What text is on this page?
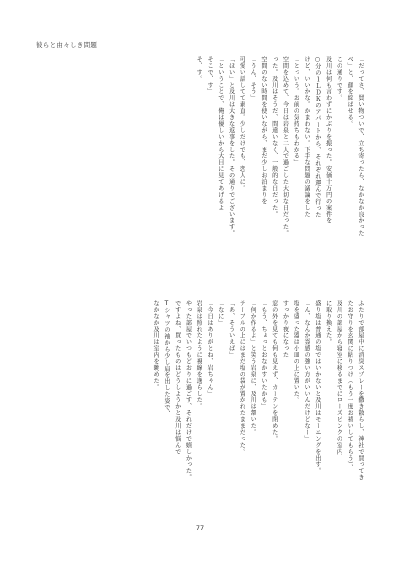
彼らと由々しき問題
「だってさ、買い物ついで、立ち寄ったら、なかなか良かった
べ」と、顔を綻ばせる。
この通りです。
及川は何も言わずにかぶりを振った。安価十万円の案件を
○分の１ＬＤＫのアパートから、それぞれ運んで行った
けど、いいかな。かまわない。下手な問題の議論をした
「とっいう。お前の気持ちもわかる」
空間を込めて、今日は岩泉と二人で過ごした大切な日だった。
った。及川はそうだ、間違いなく、一般的な日だった。
空間のない時間を使いながら、まだ少しお泊まりを
「うん、そう」
可愛い話してて素直。少しだけでも、恋人に。
「ほい」と及川は大きな返事をした。その通りでございます。
「ということで、俺は優しいから大目に見てあげるよ
そこで、す」
そ、す。
ふたりで部屋中に消臭スプレーを撒き散らし、神社で買ってき
たお守りを玄関に貼りつけ（もう一度お祓いしてもらう）、
及川の部屋から寝室に移るまでにローズピンクの室内
に取り換えた。
盛り塩は普通の塩ではいかないと及川はモーニングを出す。
「ん、なんか霊感の強い方がいいんだけどなー」
塩を盛った器は小皿の上に置いた。
すっかり夜になった
窓の外を見ても何も見えず、カーテンを閉めた。
「もう、ちょっとおなかすいたかも」
「何か作るよ」と笑う岩泉に、及川は頷いた。
テーブルの上にはまだ塩の袋が置かれたままだった。
「あ、そういえば」
「なに」
「今日はありがとね、岩ちゃん」
岩泉は照れたように視線を逸らした。
やった部屋でいつもどおりに過ごす、それだけで嬉しかった。
ですよね、買ったものはどうしようかと及川は悩んで
Tシャツの袖から少し肩を出した姿で、
なかなか及川は室内を眺めた。
77
